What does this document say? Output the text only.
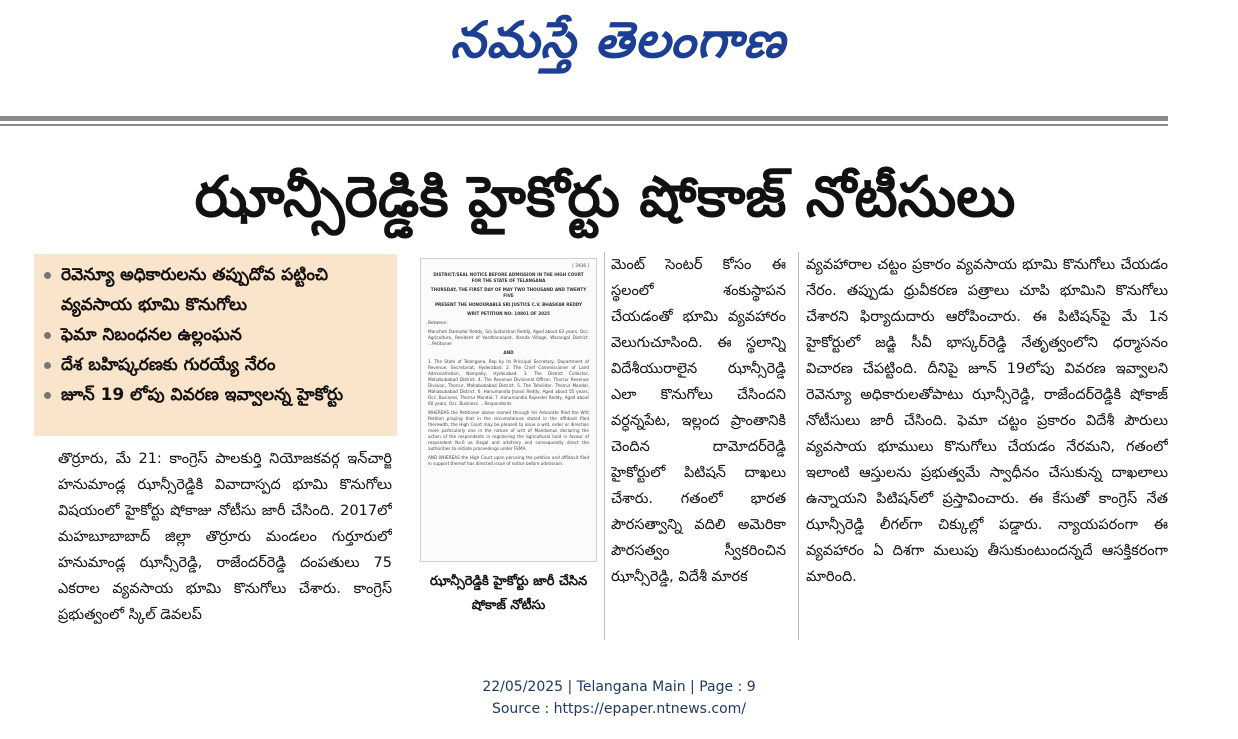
నమస్తే తెలంగాణ
ఝాన్సీరెడ్డికి హైకోర్టు షోకాజ్ నోటీసులు
రెవెన్యూ అధికారులను తప్పుదోవ పట్టించి వ్యవసాయ భూమి కొనుగోలు
ఫెమా నిబంధనల ఉల్లంఘన
దేశ బహిష్కరణకు గురయ్యే నేరం
జూన్ 19 లోపు వివరణ ఇవ్వాలన్న హైకోర్టు
తొర్రూరు, మే 21: కాంగ్రెస్ పాలకుర్తి నియోజకవర్గ ఇన్‌చార్జి హనుమాండ్ల ఝాన్సీరెడ్డికి వివాదాస్పద భూమి కొనుగోలు విషయంలో హైకోర్టు షోకాజు నోటీసు జారీ చేసింది. 2017లో మహబూబాబాద్ జిల్లా తొర్రూరు మండలం గుర్తూరులో హనుమాండ్ల ఝాన్సీరెడ్డి, రాజేందర్‌రెడ్డి దంపతులు 75 ఎకరాల వ్యవసాయ భూమి కొనుగోలు చేశారు. కాంగ్రెస్ ప్రభుత్వంలో స్కిల్ డెవలప్

[ 2936 ]

DISTRICT/SEAL NOTICE BEFORE ADMISSION IN THE HIGH COURT FOR THE STATE OF TELANGANA

THURSDAY, THE FIRST DAY OF MAY TWO THOUSAND AND TWENTY FIVE

PRESENT THE HONOURABLE SRI JUSTICE C.V. BHASKAR REDDY

WRIT PETITION NO: 10801 OF 2025

Between:

Mancheti Damodar Reddy, S/o Sudarshan Reddy, Aged about 63 years, Occ. Agriculture, Resident of Vardhannapet, Illanda Village, Warangal District. ...Petitioner

AND

1. The State of Telangana, Rep by its Principal Secretary, Department of Revenue, Secretariat, Hyderabad. 2. The Chief Commissioner of Land Administration, Nampally, Hyderabad. 3. The District Collector, Mahabubabad District. 4. The Revenue Divisional Officer, Thorrur Revenue Division, Thorrur, Mahabubabad District. 5. The Tahsildar, Thorrur Mandal, Mahabubabad District. 6. Hanumandla Jhansi Reddy, Aged about 55 years, Occ. Business, Thorrur Mandal. 7. Hanumandla Rajender Reddy, Aged about 60 years, Occ. Business. ...Respondents

WHEREAS the Petitioner above named through his Advocate filed the Writ Petition praying that in the circumstances stated in the affidavit filed therewith, the High Court may be pleased to issue a writ, order or direction more particularly one in the nature of writ of Mandamus declaring the action of the respondents in registering the agricultural land in favour of respondent No.6 as illegal and arbitrary and consequently direct the authorities to initiate proceedings under FEMA.

AND WHEREAS the High Court upon perusing the petition and affidavit filed in support thereof has directed issue of notice before admission.

ఝాన్సీరెడ్డికి హైకోర్టు జారీ చేసిన షోకాజ్ నోటీసు
మెంట్ సెంటర్ కోసం ఈ స్థలంలో శంకుస్థాపన చేయడంతో భూమి వ్యవహారం వెలుగుచూసింది. ఈ స్థలాన్ని విదేశీయురాలైన ఝాన్సీరెడ్డి ఎలా కొనుగోలు చేసిందని వర్ధన్నపేట, ఇల్లంద ప్రాంతానికి చెందిన దామోదర్‌రెడ్డి హైకోర్టులో పిటిషన్ దాఖలు చేశారు. గతంలో భారత పౌరసత్వాన్ని వదిలి అమెరికా పౌరసత్వం స్వీకరించిన ఝాన్సీరెడ్డి, విదేశీ మారక
వ్యవహారాల చట్టం ప్రకారం వ్యవసాయ భూమి కొనుగోలు చేయడం నేరం. తప్పుడు ధ్రువీకరణ పత్రాలు చూపి భూమిని కొనుగోలు చేశారని ఫిర్యాదుదారు ఆరోపించారు. ఈ పిటిషన్‌పై మే 1న హైకోర్టులో జడ్జి సీవీ భాస్కర్‌రెడ్డి నేతృత్వంలోని ధర్మాసనం విచారణ చేపట్టింది. దీనిపై జూన్ 19లోపు వివరణ ఇవ్వాలని రెవెన్యూ అధికారులతోపాటు ఝాన్సీరెడ్డి, రాజేందర్‌రెడ్డికి షోకాజ్ నోటీసులు జారీ చేసింది. ఫెమా చట్టం ప్రకారం విదేశీ పౌరులు వ్యవసాయ భూములు కొనుగోలు చేయడం నేరమని, గతంలో ఇలాంటి ఆస్తులను ప్రభుత్వమే స్వాధీనం చేసుకున్న దాఖలాలు ఉన్నాయని పిటిషన్‌లో ప్రస్తావించారు. ఈ కేసుతో కాంగ్రెస్ నేత ఝాన్సీరెడ్డి లీగల్‌గా చిక్కుల్లో పడ్డారు. న్యాయపరంగా ఈ వ్యవహారం ఏ దిశగా మలుపు తీసుకుంటుందన్నదే ఆసక్తికరంగా మారింది.
22/05/2025 | Telangana Main | Page : 9
Source : https://epaper.ntnews.com/
